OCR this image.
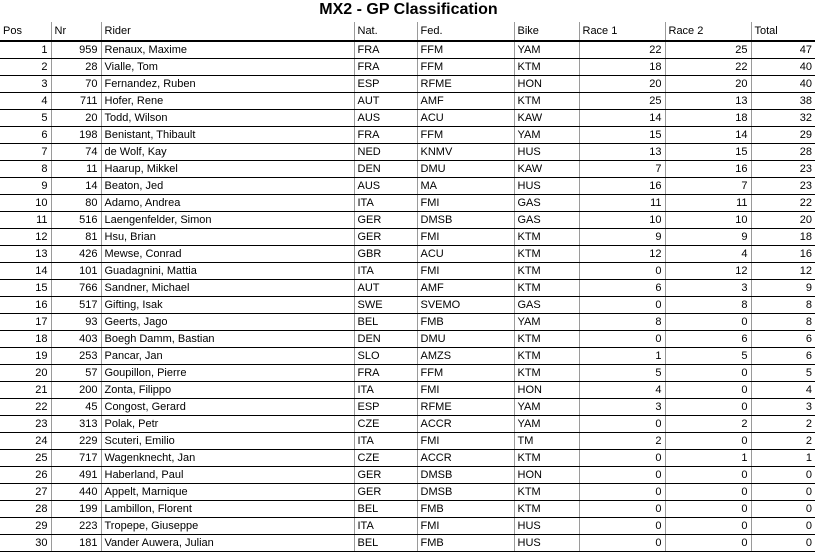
MX2 - GP Classification
Pos	Nr	Rider	Nat.	Fed.	Bike	Race 1	Race 2	Total
1	959	Renaux, Maxime	FRA	FFM	YAM	22	25	47
2	28	Vialle, Tom	FRA	FFM	KTM	18	22	40
3	70	Fernandez, Ruben	ESP	RFME	HON	20	20	40
4	711	Hofer, Rene	AUT	AMF	KTM	25	13	38
5	20	Todd, Wilson	AUS	ACU	KAW	14	18	32
6	198	Benistant, Thibault	FRA	FFM	YAM	15	14	29
7	74	de Wolf, Kay	NED	KNMV	HUS	13	15	28
8	11	Haarup, Mikkel	DEN	DMU	KAW	7	16	23
9	14	Beaton, Jed	AUS	MA	HUS	16	7	23
10	80	Adamo, Andrea	ITA	FMI	GAS	11	11	22
11	516	Laengenfelder, Simon	GER	DMSB	GAS	10	10	20
12	81	Hsu, Brian	GER	FMI	KTM	9	9	18
13	426	Mewse, Conrad	GBR	ACU	KTM	12	4	16
14	101	Guadagnini, Mattia	ITA	FMI	KTM	0	12	12
15	766	Sandner, Michael	AUT	AMF	KTM	6	3	9
16	517	Gifting, Isak	SWE	SVEMO	GAS	0	8	8
17	93	Geerts, Jago	BEL	FMB	YAM	8	0	8
18	403	Boegh Damm, Bastian	DEN	DMU	KTM	0	6	6
19	253	Pancar, Jan	SLO	AMZS	KTM	1	5	6
20	57	Goupillon, Pierre	FRA	FFM	KTM	5	0	5
21	200	Zonta, Filippo	ITA	FMI	HON	4	0	4
22	45	Congost, Gerard	ESP	RFME	YAM	3	0	3
23	313	Polak, Petr	CZE	ACCR	YAM	0	2	2
24	229	Scuteri, Emilio	ITA	FMI	TM	2	0	2
25	717	Wagenknecht, Jan	CZE	ACCR	KTM	0	1	1
26	491	Haberland, Paul	GER	DMSB	HON	0	0	0
27	440	Appelt, Marnique	GER	DMSB	KTM	0	0	0
28	199	Lambillon, Florent	BEL	FMB	KTM	0	0	0
29	223	Tropepe, Giuseppe	ITA	FMI	HUS	0	0	0
30	181	Vander Auwera, Julian	BEL	FMB	HUS	0	0	0
